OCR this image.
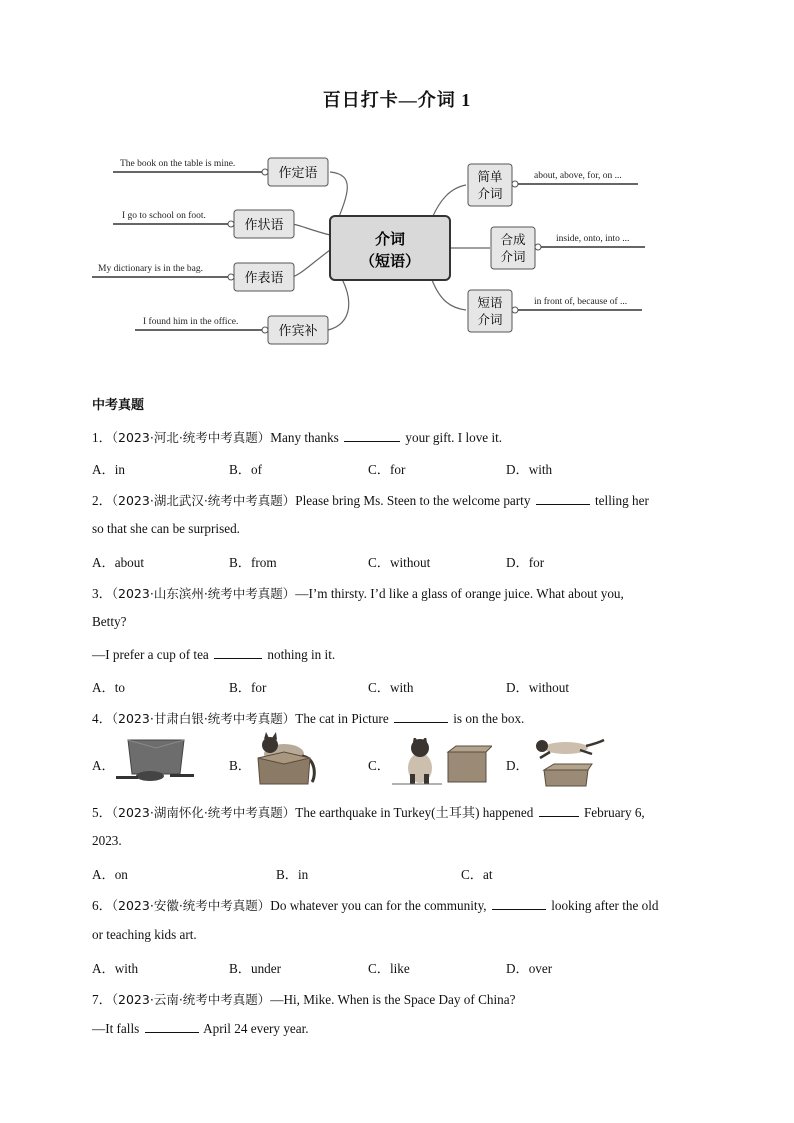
百日打卡—介词 1
介词
（短语）
作定语
The book on the table is mine.
作状语
I go to school on foot.
作表语
My dictionary is in the bag.
作宾补
I found him in the office.
简单
介词
about, above, for, on ...
合成
介词
inside, onto, into ...
短语
介词
in front of, because of ...
中考真题
1．（2023·河北·统考中考真题）Many thanks	your gift. I love it.
A．in	B．of	C．for	D．with
2．（2023·湖北武汉·统考中考真题）Please bring Ms. Steen to the welcome party	telling her
so that she can be surprised.
A．about	B．from	C．without	D．for
3．（2023·山东滨州·统考中考真题）—I’m thirsty. I’d like a glass of orange juice. What about you,
Betty?
—I prefer a cup of tea	nothing in it.
A．to	B．for	C．with	D．without
4．（2023·甘肃白银·统考中考真题）The cat in Picture	is on the box.
A．	B．	C．	D．
5．（2023·湖南怀化·统考中考真题）The earthquake in Turkey(土耳其) happened	February 6,
2023.
A．on	B．in	C．at
6．（2023·安徽·统考中考真题）Do whatever you can for the community,	looking after the old
or teaching kids art.
A．with	B．under	C．like	D．over
7．（2023·云南·统考中考真题）—Hi, Mike. When is the Space Day of China?
—It falls	April 24 every year.
